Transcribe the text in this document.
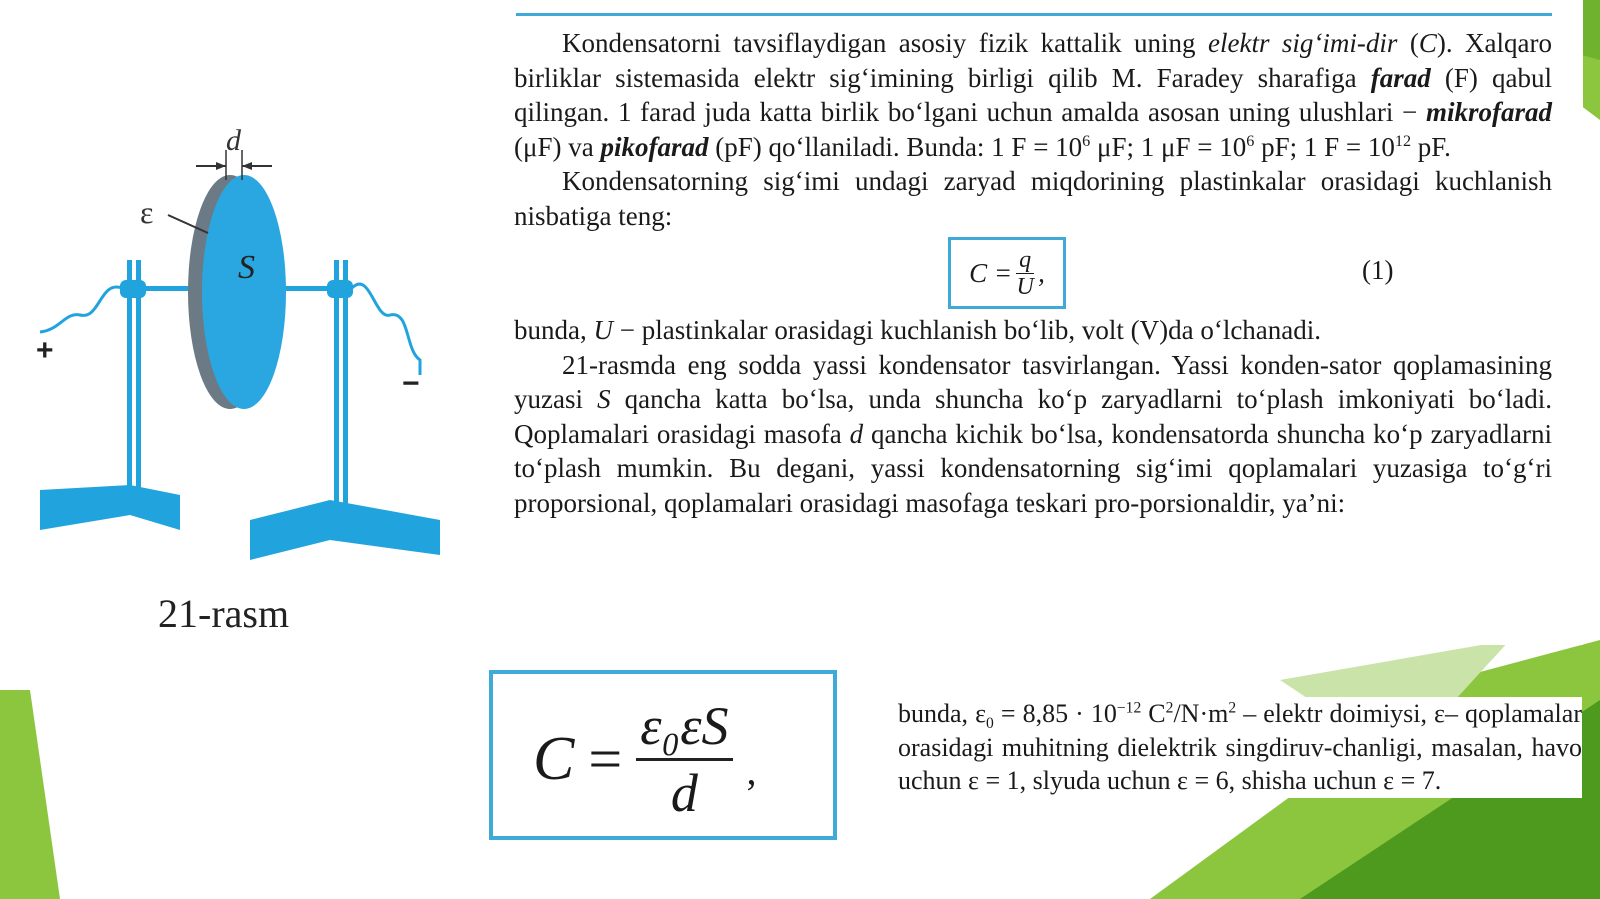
d
ε
S
+
−
21-rasm

Kondensatorni tavsiflaydigan asosiy fizik kattalik uning elektr sig‘imi-dir (C). Xalqaro birliklar sistemasida elektr sig‘imining birligi qilib M. Faradey sharafiga farad (F) qabul qilingan. 1 farad juda katta birlik bo‘lgani uchun amalda asosan uning ulushlari − mikrofarad (μF) va pikofarad (pF) qo‘llaniladi. Bunda: 1 $F = 10^6$ μF; 1 $\mu F = 10^6$ pF; 1 $F = 10^{12}$ pF.

Kondensatorning sig‘imi undagi zaryad miqdorining plastinkalar orasidagi kuchlanish nisbatiga teng:

$C = \frac{q}{U}$ ,	(1)

bunda, U − plastinkalar orasidagi kuchlanish bo‘lib, volt (V)da o‘lchanadi.

21-rasmda eng sodda yassi kondensator tasvirlangan. Yassi konden-sator qoplamasining yuzasi S qancha katta bo‘lsa, unda shuncha ko‘p zaryadlarni to‘plash imkoniyati bo‘ladi. Qoplamalari orasidagi masofa d qancha kichik bo‘lsa, kondensatorda shuncha ko‘p zaryadlarni to‘plash mumkin. Bu degani, yassi kondensatorning sig‘imi qoplamalari yuzasiga to‘g‘ri proporsional, qoplamalari orasidagi masofaga teskari pro-porsionaldir, ya’ni:

$C = \frac{\text{ε₀εS}}{d}$ ,

bunda, $\varepsilon_0 = 8,85 \cdot 10^{-12}$ $C^2/N\cdot m^2$ – elektr doimiysi, ε– qoplamalar orasidagi muhitning dielektrik singdiruv-chanligi, masalan, havo uchun ε = 1, slyuda uchun ε = 6, shisha uchun ε = 7.
